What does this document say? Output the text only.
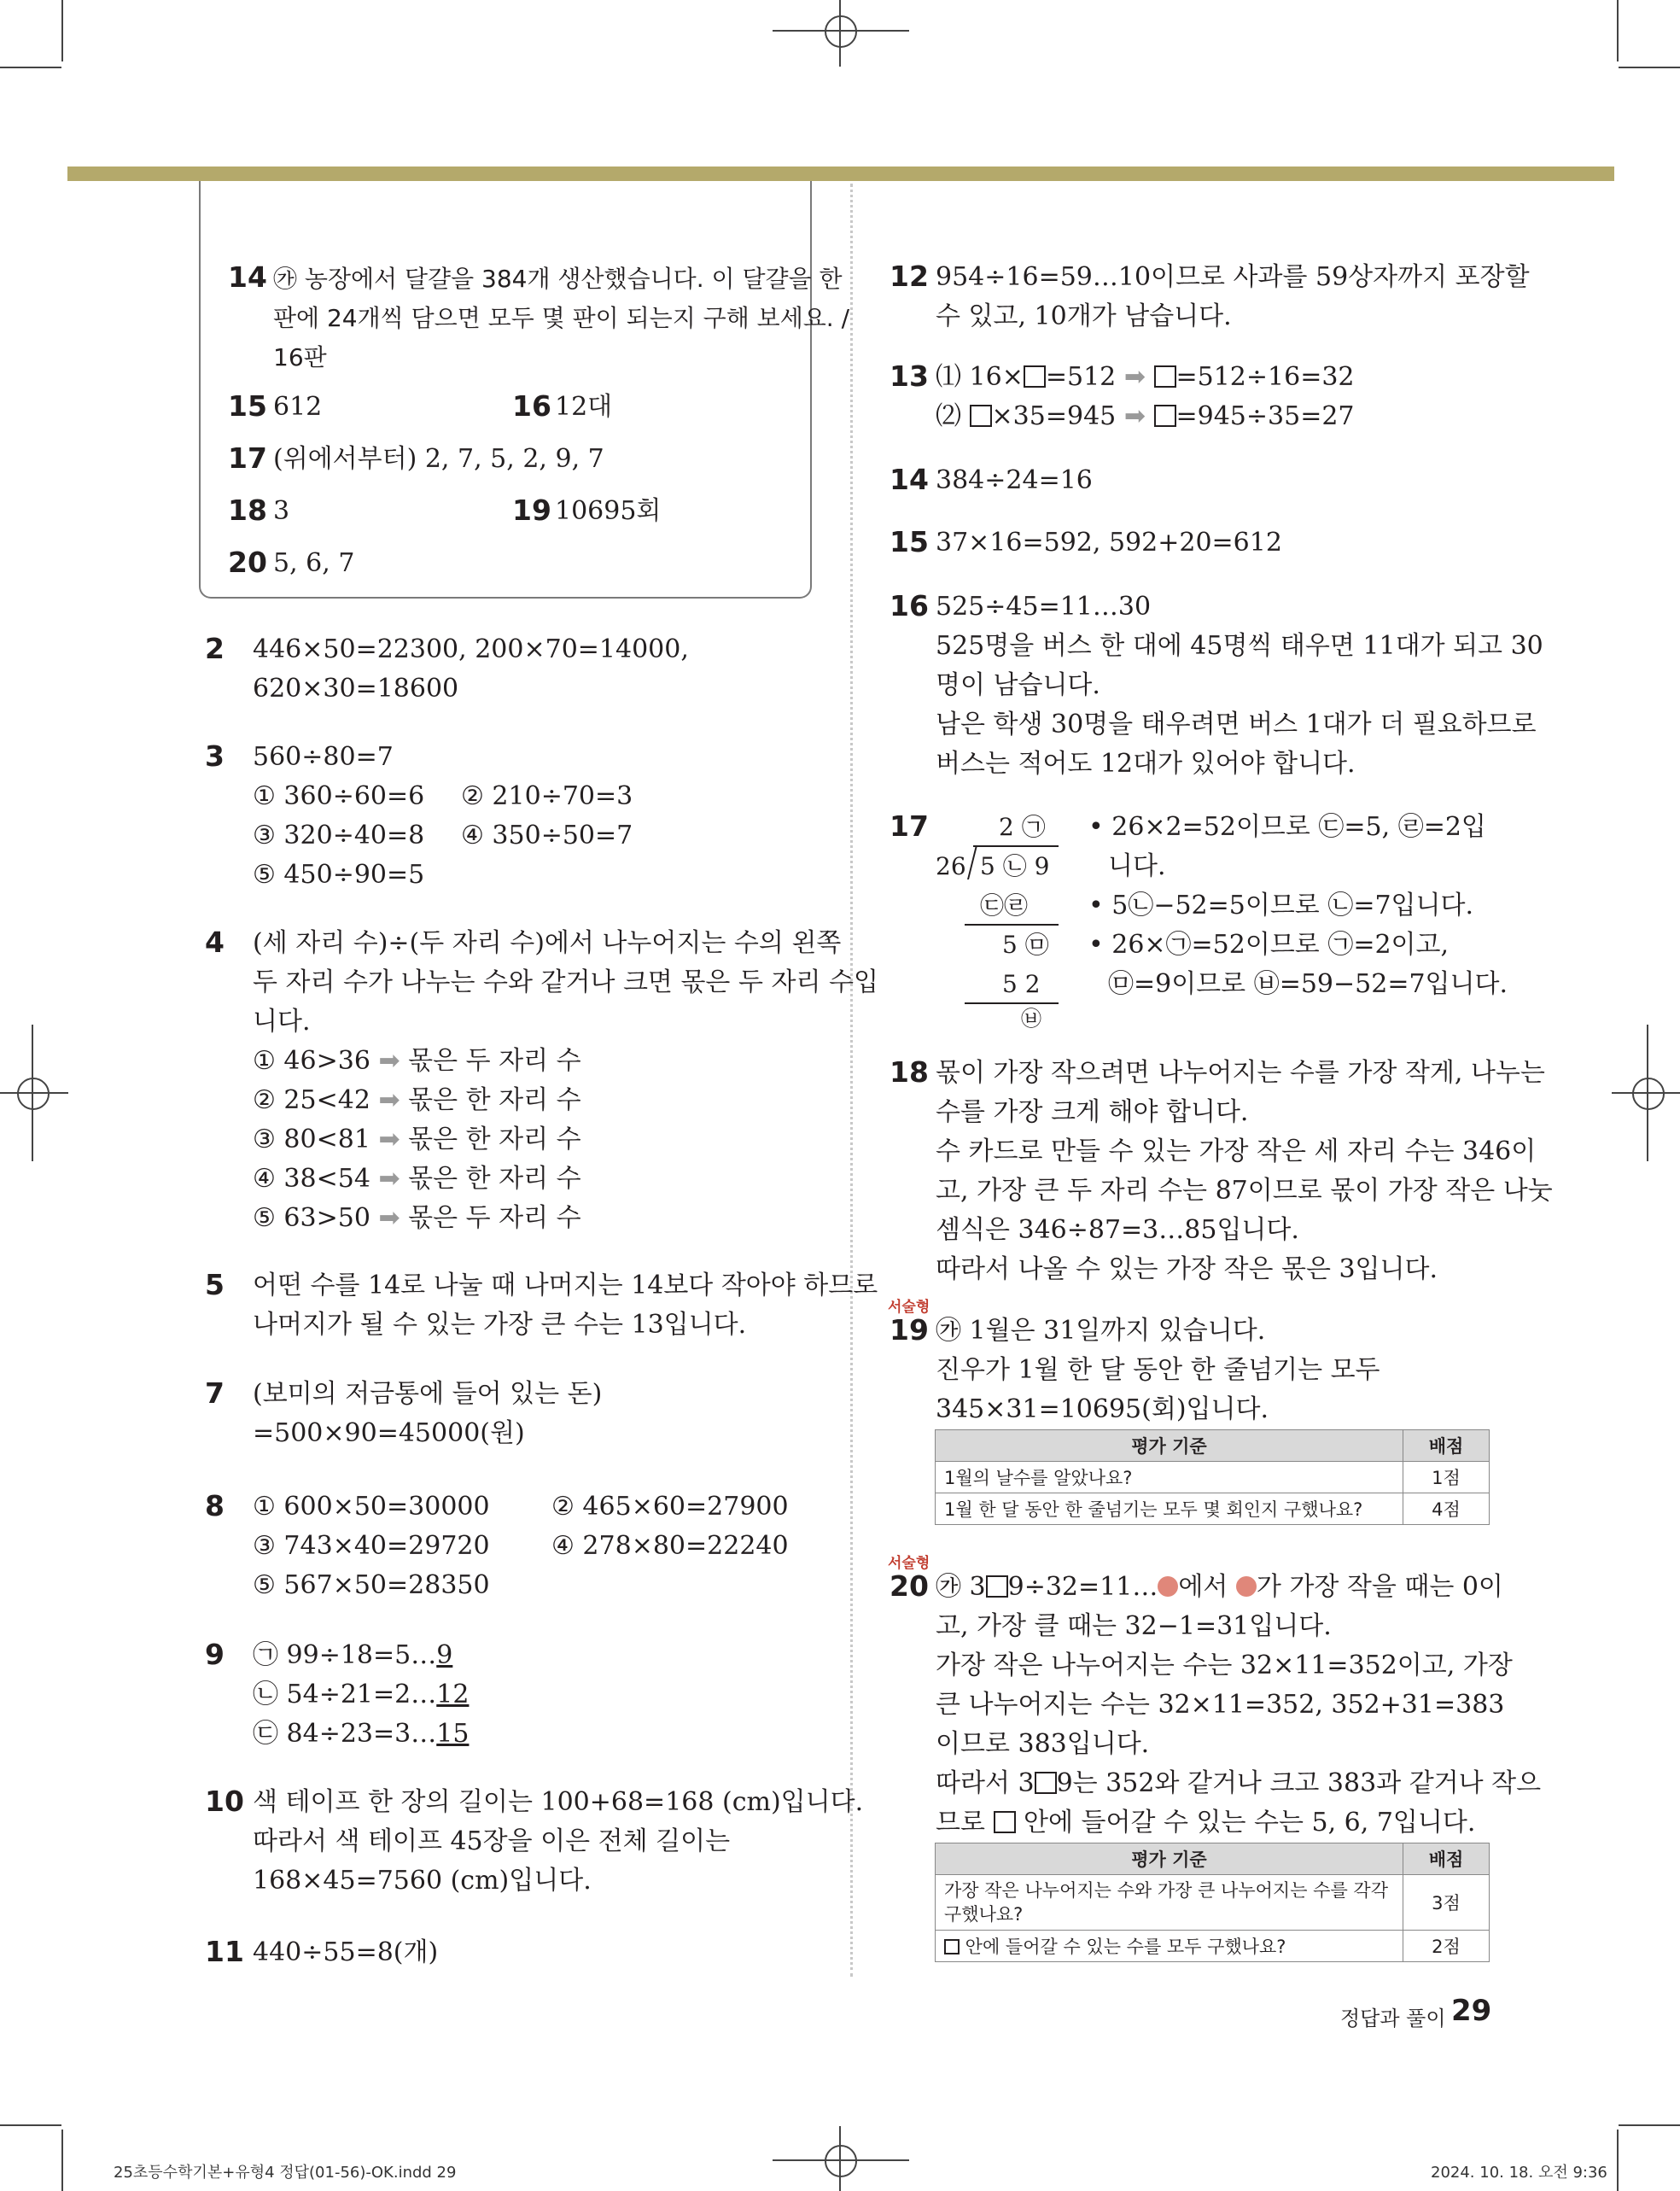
14 ㉮ 농장에서 달걀을 384개 생산했습니다. 이 달걀을 한
판에 24개씩 담으면 모두 몇 판이 되는지 구해 보세요. /
16판
15 612	16 12대
17 (위에서부터) 2, 7, 5, 2, 9, 7
18 3	19 10695회
20 5, 6, 7
2 446×50=22300, 200×70=14000,
620×30=18600
3 560÷80=7
① 360÷60=6 ② 210÷70=3
③ 320÷40=8 ④ 350÷50=7
⑤ 450÷90=5
4 (세 자리 수)÷(두 자리 수)에서 나누어지는 수의 왼쪽
두 자리 수가 나누는 수와 같거나 크면 몫은 두 자리 수입
니다.
① 46>36 ➡ 몫은 두 자리 수
② 25<42 ➡ 몫은 한 자리 수
③ 80<81 ➡ 몫은 한 자리 수
④ 38<54 ➡ 몫은 한 자리 수
⑤ 63>50 ➡ 몫은 두 자리 수
5 어떤 수를 14로 나눌 때 나머지는 14보다 작아야 하므로
나머지가 될 수 있는 가장 큰 수는 13입니다.
7 (보미의 저금통에 들어 있는 돈)
=500×90=45000(원)
8 ① 600×50=30000 ② 465×60=27900
③ 743×40=29720 ④ 278×80=22240
⑤ 567×50=28350
9 ㉠ 99÷18=5…9
㉡ 54÷21=2…12
㉢ 84÷23=3…15
10 색 테이프 한 장의 길이는 100+68=168 (cm)입니다.
따라서 색 테이프 45장을 이은 전체 길이는
168×45=7560 (cm)입니다.
11 440÷55=8(개)
12 954÷16=59…10이므로 사과를 59상자까지 포장할
수 있고, 10개가 남습니다.
13 ⑴ 16× =512 ➡ =512÷16=32
⑵ ×35=945 ➡ =945÷35=27
14 384÷24=16
15 37×16=592, 592+20=612
16 525÷45=11…30
525명을 버스 한 대에 45명씩 태우면 11대가 되고 30
명이 남습니다.
남은 학생 30명을 태우려면 버스 1대가 더 필요하므로
버스는 적어도 12대가 있어야 합니다.
17	2 ㉠
26 5 ㉡ 9
㉢㉣
5 ㉤
5 2
㉥
• 26×2=52이므로 ㉢=5, ㉣=2입
니다.
• 5㉡−52=5이므로 ㉡=7입니다.
• 26×㉠=52이므로 ㉠=2이고,
㉤=9이므로 ㉥=59−52=7입니다.
18 몫이 가장 작으려면 나누어지는 수를 가장 작게, 나누는
수를 가장 크게 해야 합니다.
수 카드로 만들 수 있는 가장 작은 세 자리 수는 346이
고, 가장 큰 두 자리 수는 87이므로 몫이 가장 작은 나눗
셈식은 346÷87=3…85입니다.
따라서 나올 수 있는 가장 작은 몫은 3입니다.
서술형
19 ㉮ 1월은 31일까지 있습니다.
진우가 1월 한 달 동안 한 줄넘기는 모두
345×31=10695(회)입니다.
평가 기준	배점
1월의 날수를 알았나요?	1점
1월 한 달 동안 한 줄넘기는 모두 몇 회인지 구했나요?	4점
서술형
20 ㉮ 3 9÷32=11… 에서 가 가장 작을 때는 0이
고, 가장 클 때는 32−1=31입니다.
가장 작은 나누어지는 수는 32×11=352이고, 가장
큰 나누어지는 수는 32×11=352, 352+31=383
이므로 383입니다.
따라서 3 9는 352와 같거나 크고 383과 같거나 작으
므로  안에 들어갈 수 있는 수는 5, 6, 7입니다.
평가 기준	배점
가장 작은 나누어지는 수와 가장 큰 나누어지는 수를 각각
구했나요?	3점
안에 들어갈 수 있는 수를 모두 구했나요?	2점
정답과 풀이 29
25초등수학기본+유형4 정답(01-56)-OK.indd 29	2024. 10. 18. 오전 9:36
